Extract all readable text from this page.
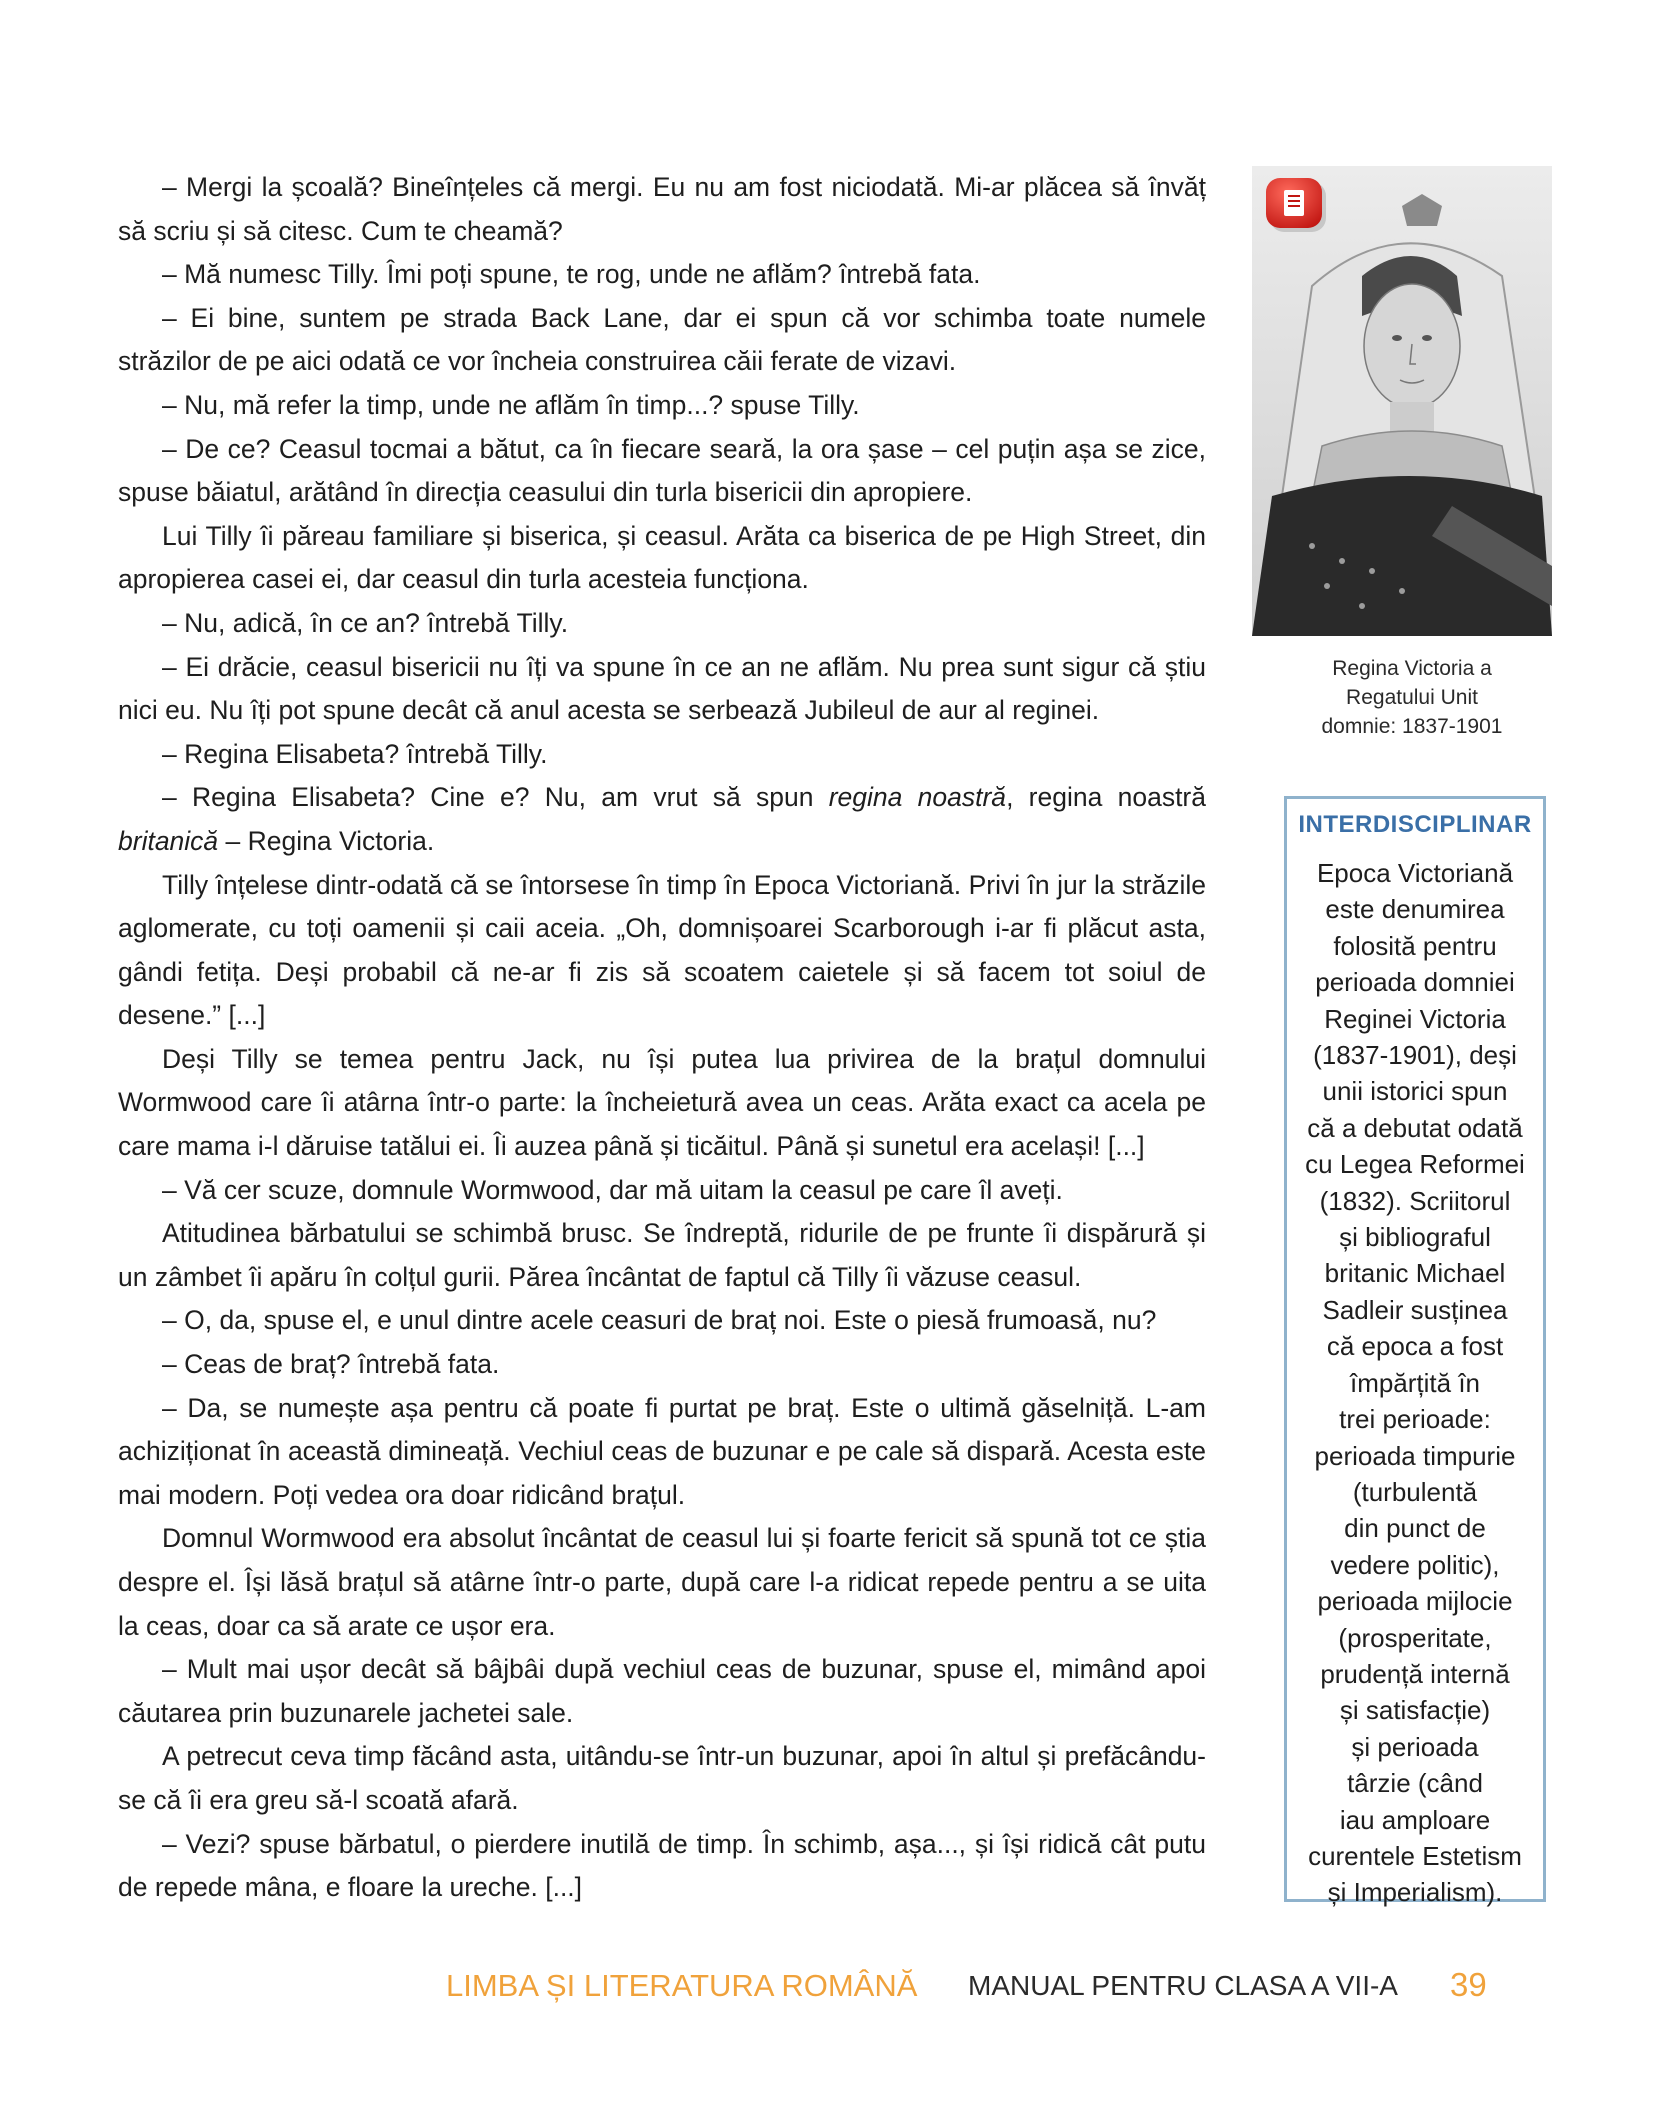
– Mergi la școală? Bineînțeles că mergi. Eu nu am fost niciodată. Mi-ar plăcea să învăț să scriu și să citesc. Cum te cheamă?

– Mă numesc Tilly. Îmi poți spune, te rog, unde ne aflăm? întrebă fata.

– Ei bine, suntem pe strada Back Lane, dar ei spun că vor schimba toate numele străzilor de pe aici odată ce vor încheia construirea căii ferate de vizavi.

– Nu, mă refer la timp, unde ne aflăm în timp...? spuse Tilly.

– De ce? Ceasul tocmai a bătut, ca în fiecare seară, la ora șase – cel puțin așa se zice, spuse băiatul, arătând în direcția ceasului din turla bisericii din apropiere.

Lui Tilly îi păreau familiare și biserica, și ceasul. Arăta ca biserica de pe High Street, din apropierea casei ei, dar ceasul din turla acesteia funcționa.

– Nu, adică, în ce an? întrebă Tilly.

– Ei drăcie, ceasul bisericii nu îți va spune în ce an ne aflăm. Nu prea sunt sigur că știu nici eu. Nu îți pot spune decât că anul acesta se serbează Jubileul de aur al reginei.

– Regina Elisabeta? întrebă Tilly.

– Regina Elisabeta? Cine e? Nu, am vrut să spun regina noastră, regina noastră britanică – Regina Victoria.

Tilly înțelese dintr-odată că se întorsese în timp în Epoca Victoriană. Privi în jur la străzile aglomerate, cu toți oamenii și caii aceia. „Oh, domnișoarei Scarborough i-ar fi plăcut asta, gândi fetița. Deși probabil că ne-ar fi zis să scoatem caietele și să facem tot soiul de desene.” [...]

Deși Tilly se temea pentru Jack, nu își putea lua privirea de la brațul domnului Wormwood care îi atârna într-o parte: la încheietură avea un ceas. Arăta exact ca acela pe care mama i-l dăruise tatălui ei. Îi auzea până și ticăitul. Până și sunetul era același! [...]

– Vă cer scuze, domnule Wormwood, dar mă uitam la ceasul pe care îl aveți.

Atitudinea bărbatului se schimbă brusc. Se îndreptă, ridurile de pe frunte îi dispărură și un zâmbet îi apăru în colțul gurii. Părea încântat de faptul că Tilly îi văzuse ceasul.

– O, da, spuse el, e unul dintre acele ceasuri de braț noi. Este o piesă frumoasă, nu?

– Ceas de braț? întrebă fata.

– Da, se numește așa pentru că poate fi purtat pe braț. Este o ultimă găselniță. L-am achiziționat în această dimineață. Vechiul ceas de buzunar e pe cale să dispară. Acesta este mai modern. Poți vedea ora doar ridicând brațul.

Domnul Wormwood era absolut încântat de ceasul lui și foarte fericit să spună tot ce știa despre el. Își lăsă brațul să atârne într-o parte, după care l-a ridicat repede pentru a se uita la ceas, doar ca să arate ce ușor era.

– Mult mai ușor decât să bâjbâi după vechiul ceas de buzunar, spuse el, mimând apoi căutarea prin buzunarele jachetei sale.

A petrecut ceva timp făcând asta, uitându-se într-un buzunar, apoi în altul și prefăcându-se că îi era greu să-l scoată afară.

– Vezi? spuse bărbatul, o pierdere inutilă de timp. În schimb, așa..., și își ridică cât putu de repede mâna, e floare la ureche. [...]

Regina Victoria a
Regatului Unit
domnie: 1837-1901
INTERDISCIPLINAR
Epoca Victoriană
este denumirea
folosită pentru
perioada domniei
Reginei Victoria
(1837-1901), deși
unii istorici spun
că a debutat odată
cu Legea Reformei
(1832). Scriitorul
și bibliograful
britanic Michael
Sadleir susținea
că epoca a fost
împărțită în
trei perioade:
perioada timpurie
(turbulentă
din punct de
vedere politic),
perioada mijlocie
(prosperitate,
prudență internă
și satisfacție)
și perioada
târzie (când
iau amploare
curentele Estetism
și Imperialism).
LIMBA ȘI LITERATURA ROMÂNĂ MANUAL PENTRU CLASA A VII-A 39
